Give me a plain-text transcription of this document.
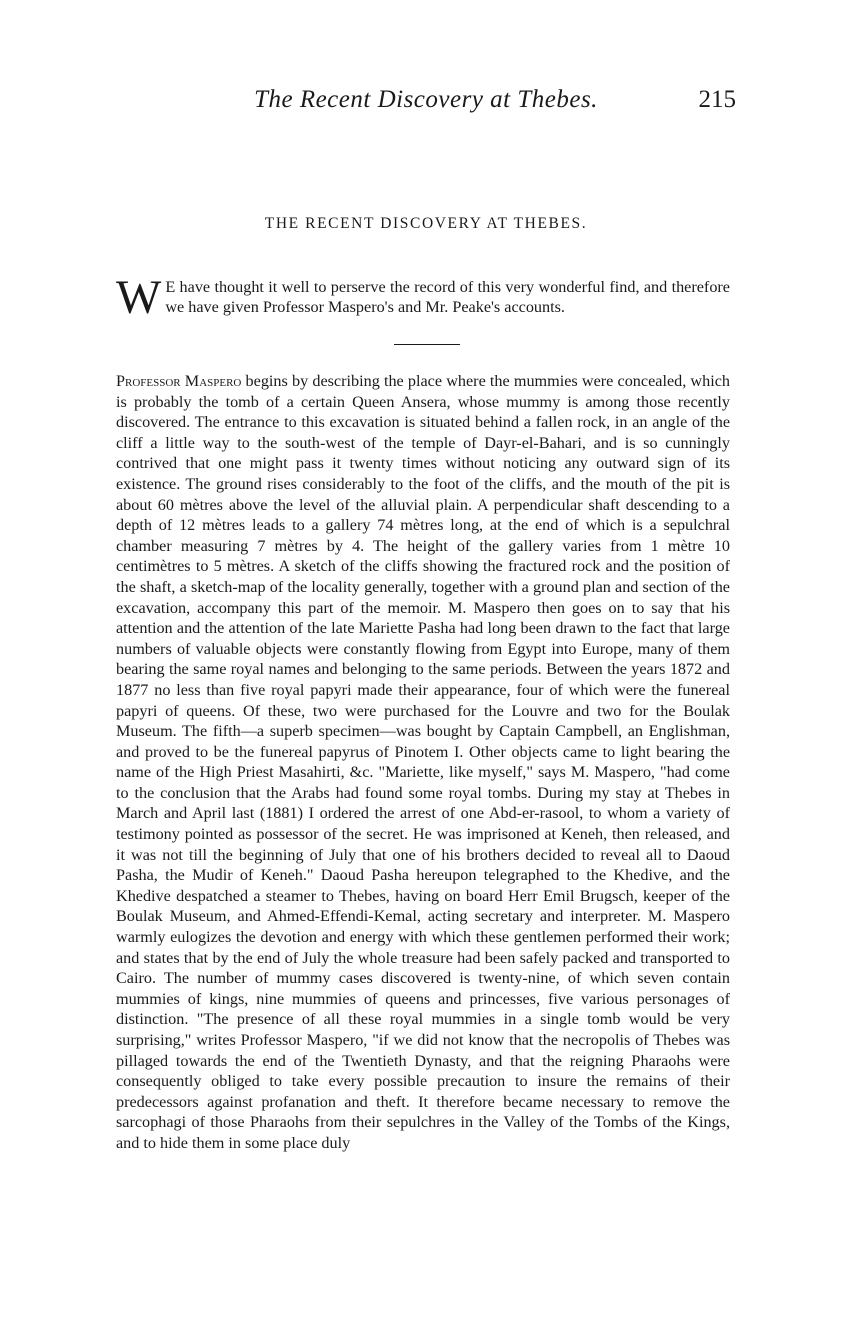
The Recent Discovery at Thebes.	215
THE RECENT DISCOVERY AT THEBES.
W E have thought it well to perserve the record of this very wonderful find, and therefore we have given Professor Maspero's and Mr. Peake's accounts.

Professor Maspero begins by describing the place where the mummies were concealed, which is probably the tomb of a certain Queen Ansera, whose mummy is among those recently discovered. The entrance to this excavation is situated behind a fallen rock, in an angle of the cliff a little way to the south-west of the temple of Dayr-el-Bahari, and is so cunningly contrived that one might pass it twenty times without noticing any outward sign of its existence. The ground rises considerably to the foot of the cliffs, and the mouth of the pit is about 60 mètres above the level of the alluvial plain. A perpendicular shaft descending to a depth of 12 mètres leads to a gallery 74 mètres long, at the end of which is a sepulchral chamber measuring 7 mètres by 4. The height of the gallery varies from 1 mètre 10 centimètres to 5 mètres. A sketch of the cliffs showing the fractured rock and the position of the shaft, a sketch-map of the locality generally, together with a ground plan and section of the excavation, accompany this part of the memoir. M. Maspero then goes on to say that his attention and the attention of the late Mariette Pasha had long been drawn to the fact that large numbers of valuable objects were constantly flowing from Egypt into Europe, many of them bearing the same royal names and belonging to the same periods. Between the years 1872 and 1877 no less than five royal papyri made their appearance, four of which were the funereal papyri of queens. Of these, two were purchased for the Louvre and two for the Boulak Museum. The fifth—a superb specimen—was bought by Captain Campbell, an Englishman, and proved to be the funereal papyrus of Pinotem I. Other objects came to light bearing the name of the High Priest Masahirti, &c. "Mariette, like myself," says M. Maspero, "had come to the conclusion that the Arabs had found some royal tombs. During my stay at Thebes in March and April last (1881) I ordered the arrest of one Abd-er-rasool, to whom a variety of testimony pointed as possessor of the secret. He was imprisoned at Keneh, then released, and it was not till the beginning of July that one of his brothers decided to reveal all to Daoud Pasha, the Mudir of Keneh." Daoud Pasha hereupon telegraphed to the Khedive, and the Khedive despatched a steamer to Thebes, having on board Herr Emil Brugsch, keeper of the Boulak Museum, and Ahmed-Effendi-Kemal, acting secretary and interpreter. M. Maspero warmly eulogizes the devotion and energy with which these gentlemen performed their work; and states that by the end of July the whole treasure had been safely packed and transported to Cairo. The number of mummy cases discovered is twenty-nine, of which seven contain mummies of kings, nine mummies of queens and princesses, five various personages of distinction. "The presence of all these royal mummies in a single tomb would be very surprising," writes Professor Maspero, "if we did not know that the necropolis of Thebes was pillaged towards the end of the Twentieth Dynasty, and that the reigning Pharaohs were consequently obliged to take every possible precaution to insure the remains of their predecessors against profanation and theft. It therefore became necessary to remove the sarcophagi of those Pharaohs from their sepulchres in the Valley of the Tombs of the Kings, and to hide them in some place duly
